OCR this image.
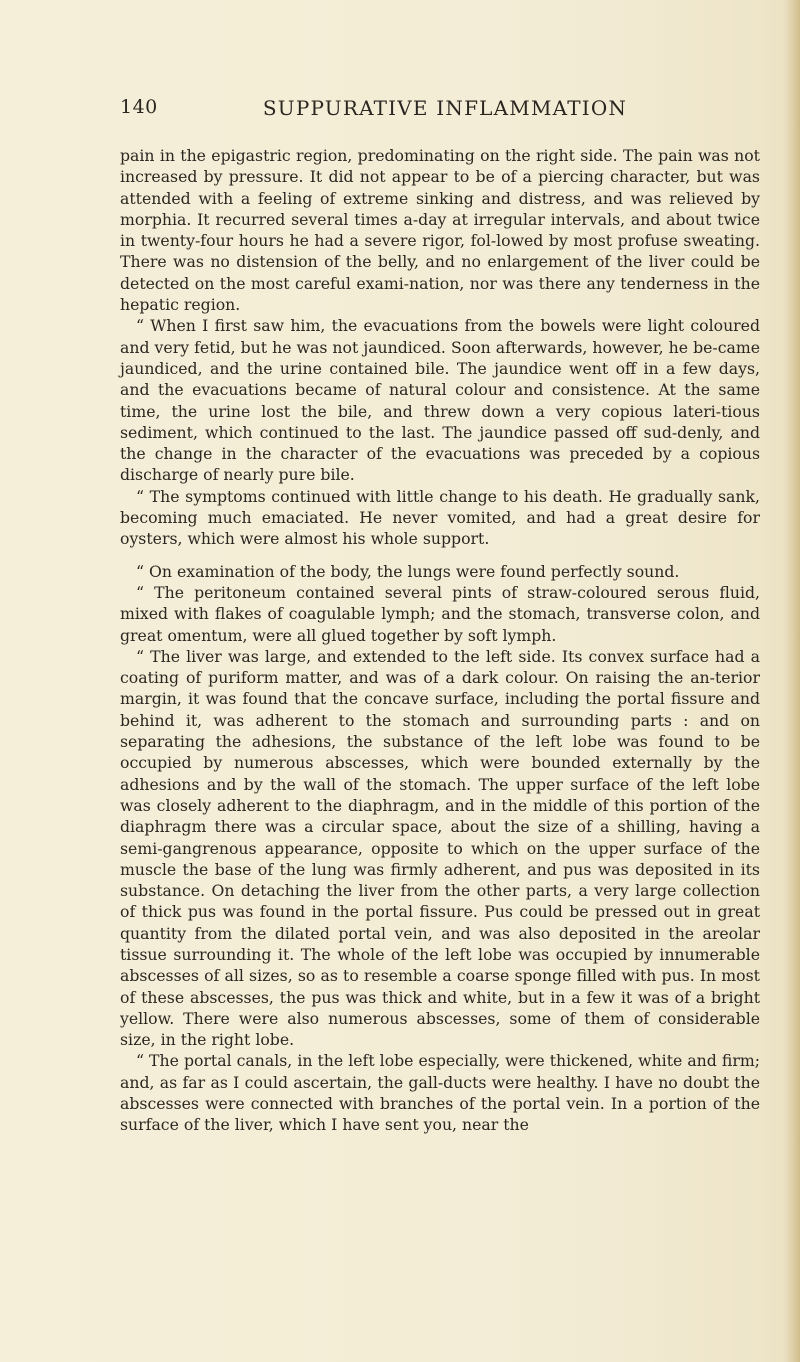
140	SUPPURATIVE INFLAMMATION

pain in the epigastric region, predominating on the right side. The pain was not increased by pressure. It did not appear to be of a piercing character, but was attended with a feeling of extreme sinking and distress, and was relieved by morphia. It recurred several times a-day at irregular intervals, and about twice in twenty-four hours he had a severe rigor, fol-lowed by most profuse sweating. There was no distension of the belly, and no enlargement of the liver could be detected on the most careful exami-nation, nor was there any tenderness in the hepatic region.

“ When I first saw him, the evacuations from the bowels were light coloured and very fetid, but he was not jaundiced. Soon afterwards, however, he be-came jaundiced, and the urine contained bile. The jaundice went off in a few days, and the evacuations became of natural colour and consistence. At the same time, the urine lost the bile, and threw down a very copious lateri-tious sediment, which continued to the last. The jaundice passed off sud-denly, and the change in the character of the evacuations was preceded by a copious discharge of nearly pure bile.

“ The symptoms continued with little change to his death. He gradually sank, becoming much emaciated. He never vomited, and had a great desire for oysters, which were almost his whole support.

“ On examination of the body, the lungs were found perfectly sound.

“ The peritoneum contained several pints of straw-coloured serous fluid, mixed with flakes of coagulable lymph; and the stomach, transverse colon, and great omentum, were all glued together by soft lymph.

“ The liver was large, and extended to the left side. Its convex surface had a coating of puriform matter, and was of a dark colour. On raising the an-terior margin, it was found that the concave surface, including the portal fissure and behind it, was adherent to the stomach and surrounding parts : and on separating the adhesions, the substance of the left lobe was found to be occupied by numerous abscesses, which were bounded externally by the adhesions and by the wall of the stomach. The upper surface of the left lobe was closely adherent to the diaphragm, and in the middle of this portion of the diaphragm there was a circular space, about the size of a shilling, having a semi-gangrenous appearance, opposite to which on the upper surface of the muscle the base of the lung was firmly adherent, and pus was deposited in its substance. On detaching the liver from the other parts, a very large collection of thick pus was found in the portal fissure. Pus could be pressed out in great quantity from the dilated portal vein, and was also deposited in the areolar tissue surrounding it. The whole of the left lobe was occupied by innumerable abscesses of all sizes, so as to resemble a coarse sponge filled with pus. In most of these abscesses, the pus was thick and white, but in a few it was of a bright yellow. There were also numerous abscesses, some of them of considerable size, in the right lobe.

“ The portal canals, in the left lobe especially, were thickened, white and firm; and, as far as I could ascertain, the gall-ducts were healthy. I have no doubt the abscesses were connected with branches of the portal vein. In a portion of the surface of the liver, which I have sent you, near the
